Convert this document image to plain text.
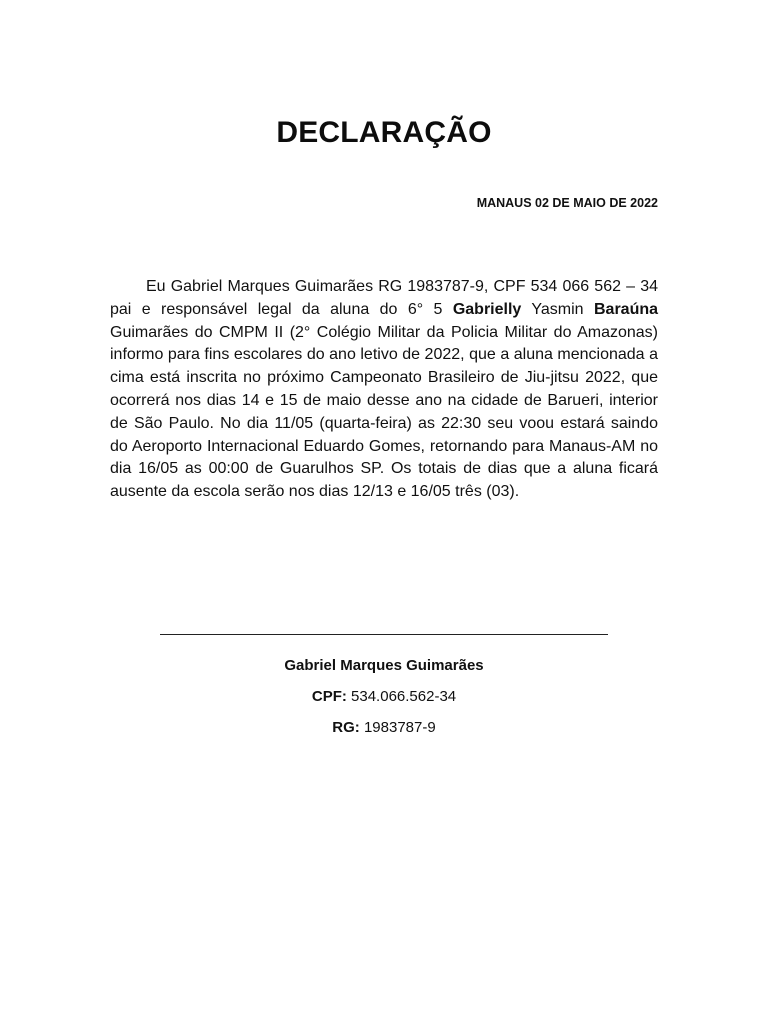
DECLARAÇÃO
MANAUS 02 DE MAIO DE 2022

Eu Gabriel Marques Guimarães RG 1983787-9, CPF 534 066 562 – 34 pai e responsável legal da aluna do 6° 5 Gabrielly Yasmin Baraúna Guimarães do CMPM II (2° Colégio Militar da Policia Militar do Amazonas) informo para fins escolares do ano letivo de 2022, que a aluna mencionada a cima está inscrita no próximo Campeonato Brasileiro de Jiu-jitsu 2022, que ocorrerá nos dias 14 e 15 de maio desse ano na cidade de Barueri, interior de São Paulo. No dia 11/05 (quarta-feira) as 22:30 seu voou estará saindo do Aeroporto Internacional Eduardo Gomes, retornando para Manaus-AM no dia 16/05 as 00:00 de Guarulhos SP. Os totais de dias que a aluna ficará ausente da escola serão nos dias 12/13 e 16/05 três (03).

Gabriel Marques Guimarães
CPF: 534.066.562-34
RG: 1983787-9
